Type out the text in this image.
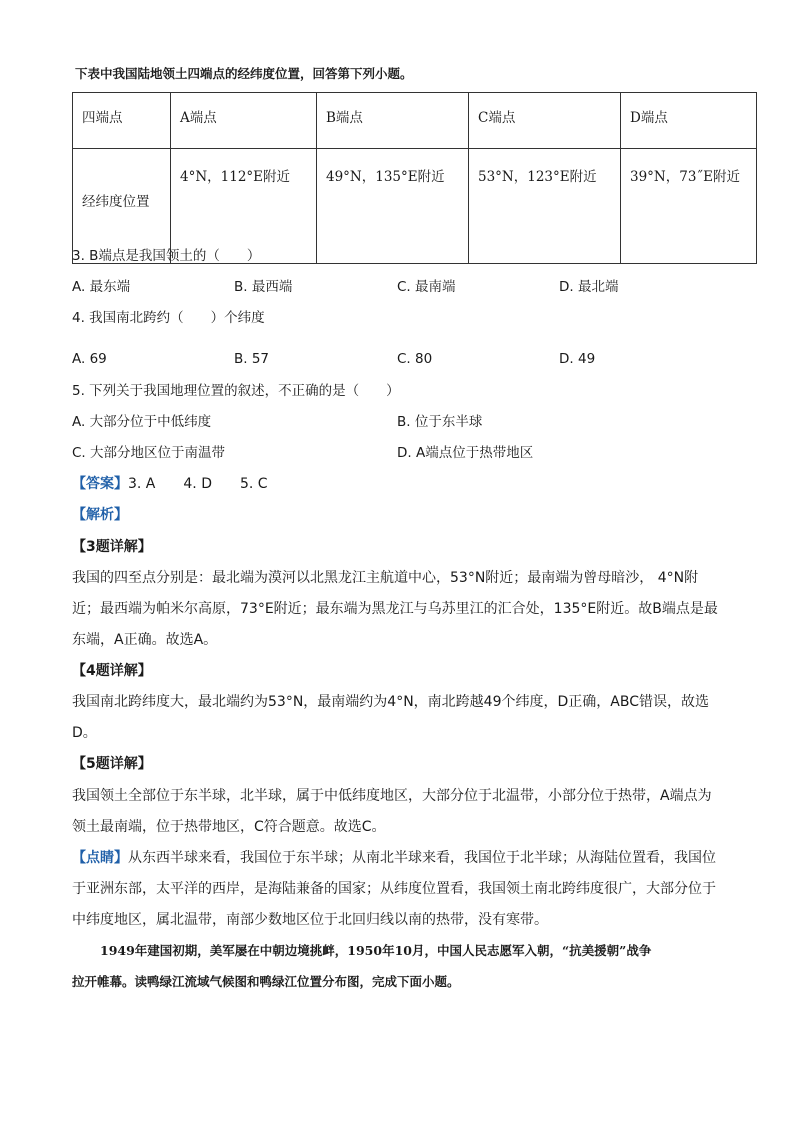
下表中我国陆地领土四端点的经纬度位置，回答第下列小题。
四端点	A端点	B端点	C端点	D端点
经纬度位置	4°N，112°E附近	49°N，135°E附近	53°N，123°E附近	39°N，73˝E附近
3. B端点是我国领土的（　　）
A. 最东端	B. 最西端	C. 最南端	D. 最北端
4. 我国南北跨约（　　）个纬度
A. 69	B. 57	C. 80	D. 49
5. 下列关于我国地理位置的叙述，不正确的是（　　）
A. 大部分位于中低纬度	B. 位于东半球
C. 大部分地区位于南温带	D. A端点位于热带地区
【答案】3. A　　4. D　　5. C
【解析】
【3题详解】
我国的四至点分别是：最北端为漠河以北黑龙江主航道中心，53°N附近；最南端为曾母暗沙， 4°N附
近；最西端为帕米尔高原，73°E附近；最东端为黑龙江与乌苏里江的汇合处，135°E附近。故B端点是最
东端，A正确。故选A。
【4题详解】
我国南北跨纬度大，最北端约为53°N，最南端约为4°N，南北跨越49个纬度，D正确，ABC错误，故选
D。
【5题详解】
我国领土全部位于东半球，北半球，属于中低纬度地区，大部分位于北温带，小部分位于热带，A端点为
领土最南端，位于热带地区，C符合题意。故选C。
【点睛】从东西半球来看，我国位于东半球；从南北半球来看，我国位于北半球；从海陆位置看，我国位
于亚洲东部，太平洋的西岸，是海陆兼备的国家；从纬度位置看，我国领土南北跨纬度很广，大部分位于
中纬度地区，属北温带，南部少数地区位于北回归线以南的热带，没有寒带。
1949年建国初期，美军屡在中朝边境挑衅，1950年10月，中国人民志愿军入朝，“抗美援朝”战争
拉开帷幕。读鸭绿江流域气候图和鸭绿江位置分布图，完成下面小题。
